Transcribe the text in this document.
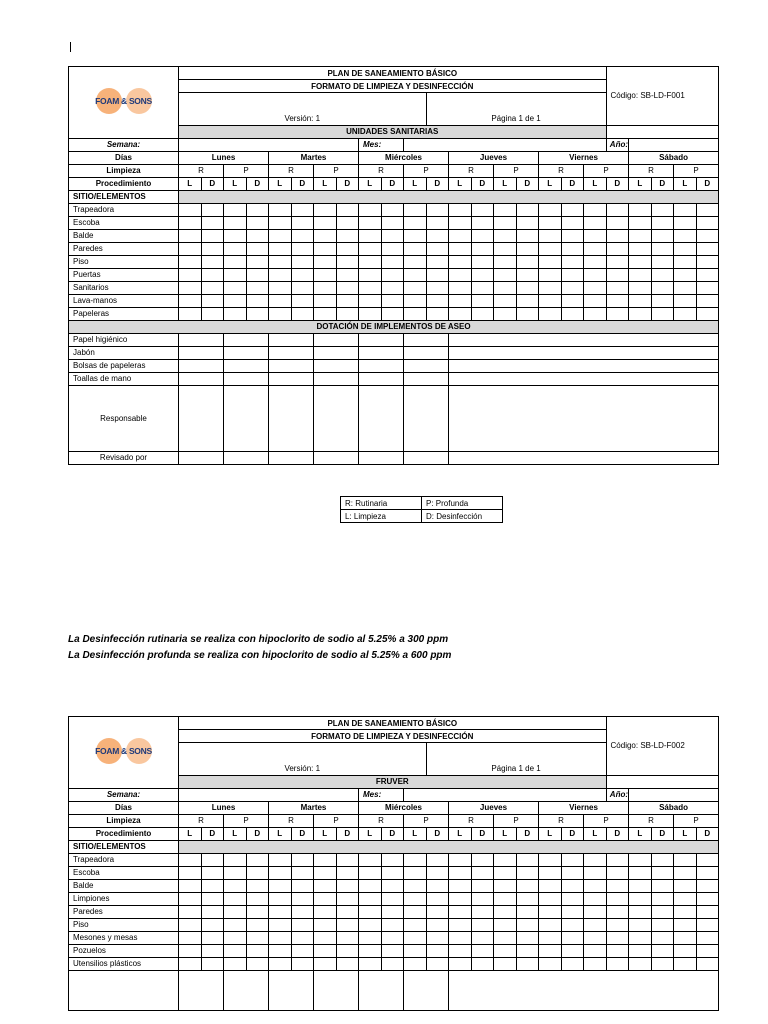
FOAM & SONS	PLAN DE SANEAMIENTO BÁSICO																			Código: SB-LD-F001				
	FORMATO DE LIMPIEZA Y DESINFECCIÓN																							

	Versión: 1											Página 1 de 1												
	UNIDADES SANITARIAS																							
Semana:									Mes:											Año:				
Días	Lunes				Martes				Miércoles				Jueves				Viernes				Sábado			
Limpieza	R		P		R		P		R		P		R		P		R		P		R		P	
Procedimiento	L	D	L	D	L	D	L	D	L	D	L	D	L	D	L	D	L	D	L	D	L	D	L	D
SITIO/ELEMENTOS																								
Trapeadora																								
Escoba																								
Balde																								
Paredes																								
Piso																								
Puertas																								
Sanitarios																								
Lava-manos																								
Papeleras																								
DOTACIÓN DE IMPLEMENTOS DE ASEO																								
Papel higiénico																								
Jabón																								
Bolsas de papeleras																								
Toallas de mano																								
Responsable																								
Revisado por																								
R: Rutinaria	P: Profunda
L: Limpieza	D: Desinfección
La Desinfección rutinaria se realiza con hipoclorito de sodio al 5.25% a 300 ppm
La Desinfección profunda se realiza con hipoclorito de sodio al 5.25% a 600 ppm
FOAM & SONS	PLAN DE SANEAMIENTO BÁSICO																			Código: SB-LD-F002				
	FORMATO DE LIMPIEZA Y DESINFECCIÓN																							

	Versión: 1											Página 1 de 1												
	FRUVER																							
Semana:									Mes:											Año:				
Días	Lunes				Martes				Miércoles				Jueves				Viernes				Sábado			
Limpieza	R		P		R		P		R		P		R		P		R		P		R		P	
Procedimiento	L	D	L	D	L	D	L	D	L	D	L	D	L	D	L	D	L	D	L	D	L	D	L	D
SITIO/ELEMENTOS																								
Trapeadora																								
Escoba																								
Balde																								
Limpiones																								
Paredes																								
Piso																								
Mesones y mesas																								
Pozuelos																								
Utensilios plásticos																								
